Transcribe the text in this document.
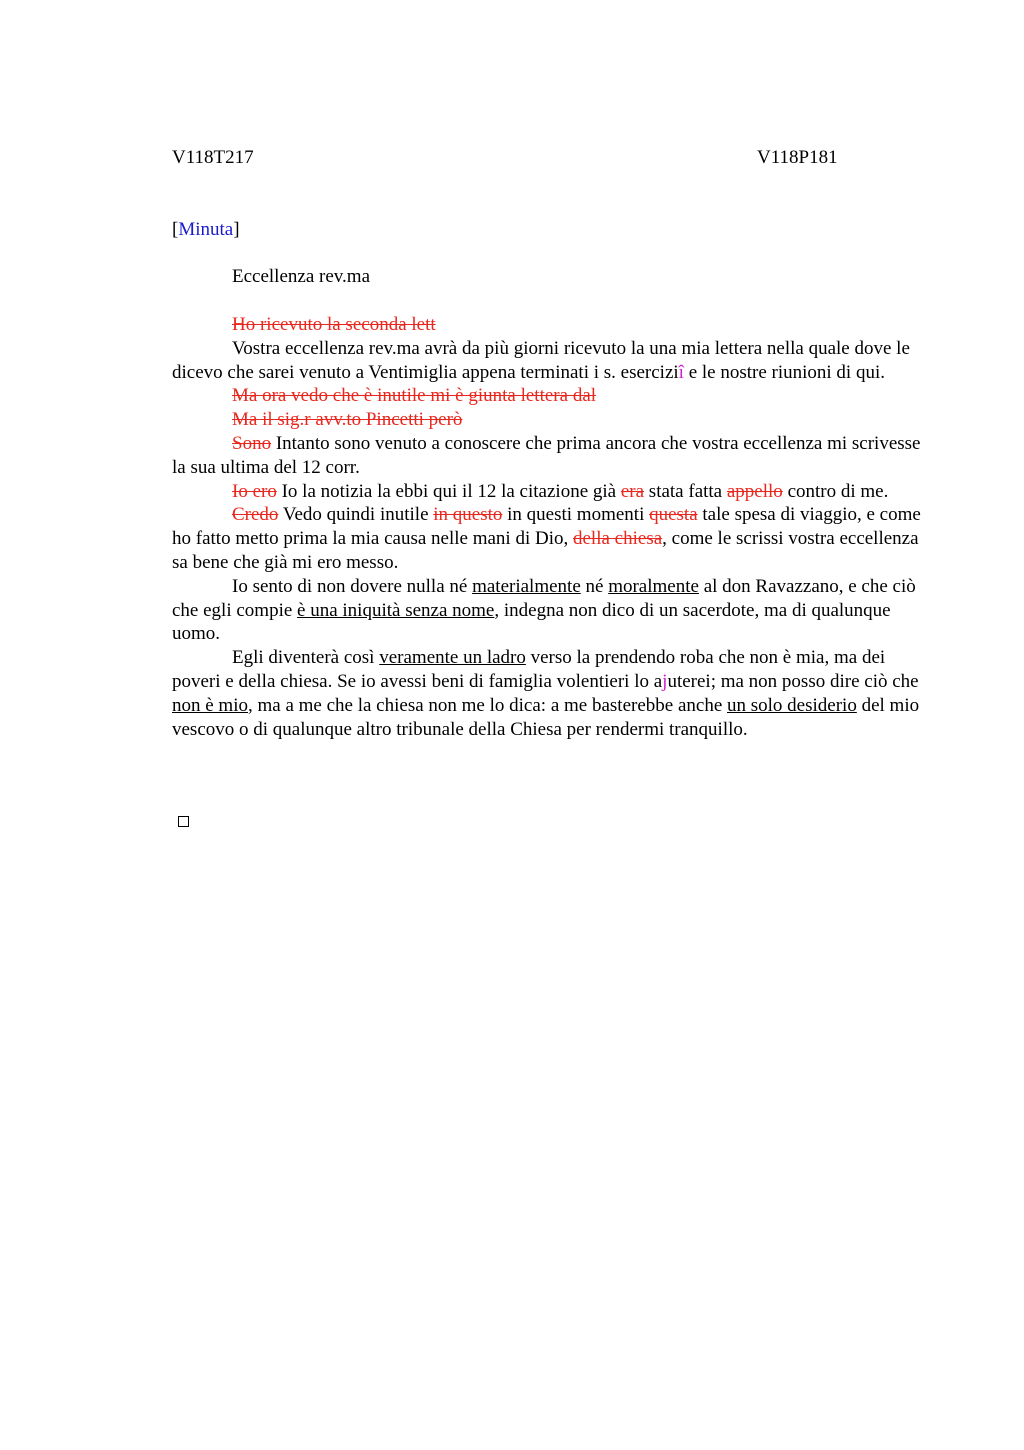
V118T217	V118P181
[Minuta]
Eccellenza rev.ma

Ho ricevuto la seconda lett

Vostra eccellenza rev.ma avrà da più giorni ricevuto la una mia lettera nella quale dove le dicevo che sarei venuto a Ventimiglia appena terminati i s. eserciziî e le nostre riunioni di qui.

Ma ora vedo che è inutile mi è giunta lettera dal

Ma il sig.r avv.to Pincetti però

Sono Intanto sono venuto a conoscere che prima ancora che vostra eccellenza mi scrivesse la sua ultima del 12 corr.

Io ero Io la notizia la ebbi qui il 12 la citazione già era stata fatta appello contro di me.

Credo Vedo quindi inutile in questo in questi momenti questa tale spesa di viaggio, e come ho fatto metto prima la mia causa nelle mani di Dio, della chiesa, come le scrissi vostra eccellenza sa bene che già mi ero messo.

Io sento di non dovere nulla né materialmente né moralmente al don Ravazzano, e che ciò che egli compie è una iniquità senza nome, indegna non dico di un sacerdote, ma di qualunque uomo.

Egli diventerà così veramente un ladro verso la prendendo roba che non è mia, ma dei poveri e della chiesa. Se io avessi beni di famiglia volentieri lo ajuterei; ma non posso dire ciò che non è mio, ma a me che la chiesa non me lo dica: a me basterebbe anche un solo desiderio del mio vescovo o di qualunque altro tribunale della Chiesa per rendermi tranquillo.
